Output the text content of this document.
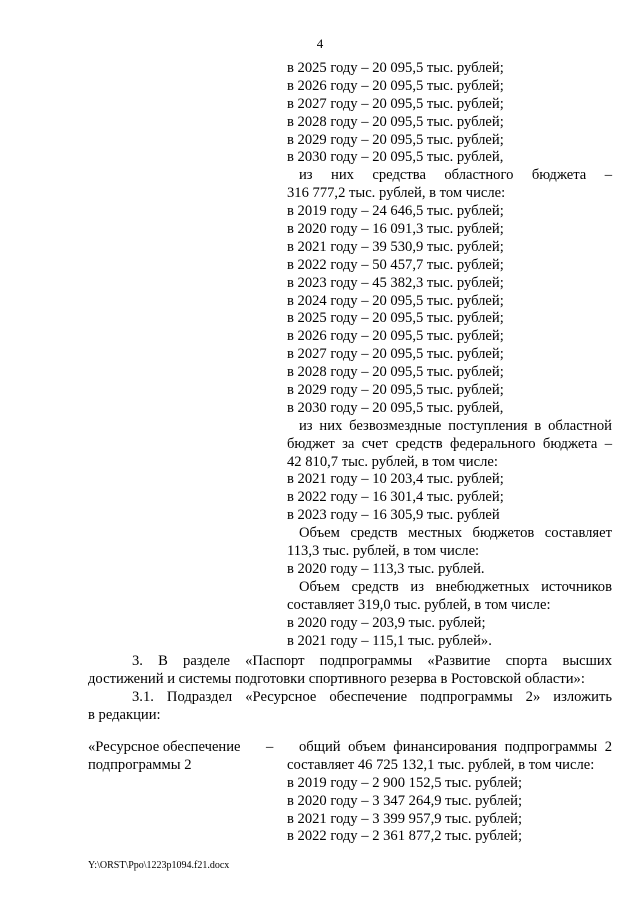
4
в 2025 году – 20 095,5 тыс. рублей;
в 2026 году – 20 095,5 тыс. рублей;
в 2027 году – 20 095,5 тыс. рублей;
в 2028 году – 20 095,5 тыс. рублей;
в 2029 году – 20 095,5 тыс. рублей;
в 2030 году – 20 095,5 тыс. рублей,
из них средства областного бюджета –
316 777,2 тыс. рублей, в том числе:
в 2019 году – 24 646,5 тыс. рублей;
в 2020 году – 16 091,3 тыс. рублей;
в 2021 году – 39 530,9 тыс. рублей;
в 2022 году – 50 457,7 тыс. рублей;
в 2023 году – 45 382,3 тыс. рублей;
в 2024 году – 20 095,5 тыс. рублей;
в 2025 году – 20 095,5 тыс. рублей;
в 2026 году – 20 095,5 тыс. рублей;
в 2027 году – 20 095,5 тыс. рублей;
в 2028 году – 20 095,5 тыс. рублей;
в 2029 году – 20 095,5 тыс. рублей;
в 2030 году – 20 095,5 тыс. рублей,
из них безвозмездные поступления в областной
бюджет за счет средств федерального бюджета –
42 810,7 тыс. рублей, в том числе:
в 2021 году – 10 203,4 тыс. рублей;
в 2022 году – 16 301,4 тыс. рублей;
в 2023 году – 16 305,9 тыс. рублей
Объем средств местных бюджетов составляет
113,3 тыс. рублей, в том числе:
в 2020 году – 113,3 тыс. рублей.
Объем средств из внебюджетных источников
составляет 319,0 тыс. рублей, в том числе:
в 2020 году – 203,9 тыс. рублей;
в 2021 году – 115,1 тыс. рублей».
3. В разделе «Паспорт подпрограммы «Развитие спорта высших
достижений и системы подготовки спортивного резерва в Ростовской области»:
3.1. Подраздел «Ресурсное обеспечение подпрограммы 2» изложить
в редакции:
«Ресурсное обеспечение
подпрограммы 2
–	общий объем финансирования подпрограммы 2
составляет 46 725 132,1 тыс. рублей, в том числе:
в 2019 году – 2 900 152,5 тыс. рублей;
в 2020 году – 3 347 264,9 тыс. рублей;
в 2021 году – 3 399 957,9 тыс. рублей;
в 2022 году – 2 361 877,2 тыс. рублей;
Y:\ORST\Ppo\1223p1094.f21.docx
